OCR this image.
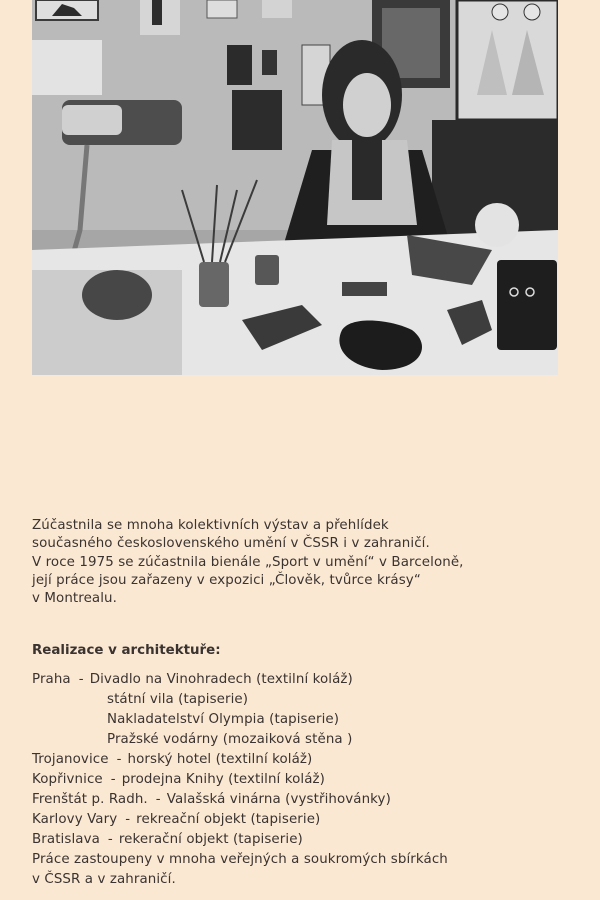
Zúčastnila se mnoha kolektivních výstav a přehlídek

současného československého umění v ČSSR i v zahraničí.

V roce 1975 se zúčastnila bienále „Sport v umění“ v Barceloně,

její práce jsou zařazeny v expozici „Člověk, tvůrce krásy“

v Montrealu.

Realizace v architektuře:
Praha - Divadlo na Vinohradech (textilní koláž)
státní vila (tapiserie)
Nakladatelství Olympia (tapiserie)
Pražské vodárny (mozaiková stěna )
Trojanovice - horský hotel (textilní koláž)
Kopřivnice - prodejna Knihy (textilní koláž)
Frenštát p. Radh. - Valašská vinárna (vystřihovánky)
Karlovy Vary - rekreační objekt (tapiserie)
Bratislava - rekerační objekt (tapiserie)
Práce zastoupeny v mnoha veřejných a soukromých sbírkách
v ČSSR a v zahraničí.
